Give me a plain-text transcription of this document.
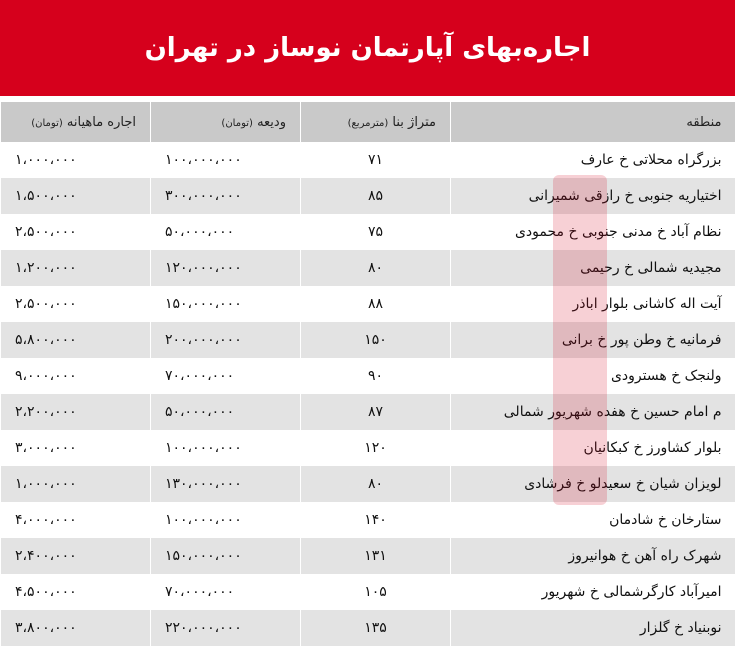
اجاره‌بهای آپارتمان نوساز در تهران
منطقه	متراژ بنا (مترمربع)	ودیعه (تومان)	اجاره ماهیانه (تومان)
بزرگراه محلاتی خ عارف	۷۱	۱۰۰،۰۰۰،۰۰۰	۱،۰۰۰،۰۰۰
اختیاریه جنوبی خ رازقی شمیرانی	۸۵	۳۰۰،۰۰۰،۰۰۰	۱،۵۰۰،۰۰۰
نظام آباد خ مدنی جنوبی خ محمودی	۷۵	۵۰،۰۰۰،۰۰۰	۲،۵۰۰،۰۰۰
مجیدیه شمالی خ رحیمی	۸۰	۱۲۰،۰۰۰،۰۰۰	۱،۲۰۰،۰۰۰
آیت اله کاشانی بلوار اباذر	۸۸	۱۵۰،۰۰۰،۰۰۰	۲،۵۰۰،۰۰۰
فرمانیه خ وطن پور خ برانی	۱۵۰	۲۰۰،۰۰۰،۰۰۰	۵،۸۰۰،۰۰۰
ولنجک خ هسترودی	۹۰	۷۰،۰۰۰،۰۰۰	۹،۰۰۰،۰۰۰
م امام حسین خ هفده شهریور شمالی	۸۷	۵۰،۰۰۰،۰۰۰	۲،۲۰۰،۰۰۰
بلوار کشاورز خ کبکانیان	۱۲۰	۱۰۰،۰۰۰،۰۰۰	۳،۰۰۰،۰۰۰
لویزان شیان خ سعیدلو خ فرشادی	۸۰	۱۳۰،۰۰۰،۰۰۰	۱،۰۰۰،۰۰۰
ستارخان خ شادمان	۱۴۰	۱۰۰،۰۰۰،۰۰۰	۴،۰۰۰،۰۰۰
شهرک راه آهن خ هوانیروز	۱۳۱	۱۵۰،۰۰۰،۰۰۰	۲،۴۰۰،۰۰۰
امیرآباد کارگرشمالی خ شهریور	۱۰۵	۷۰،۰۰۰،۰۰۰	۴،۵۰۰،۰۰۰
نوبنیاد خ گلزار	۱۳۵	۲۲۰،۰۰۰،۰۰۰	۳،۸۰۰،۰۰۰
